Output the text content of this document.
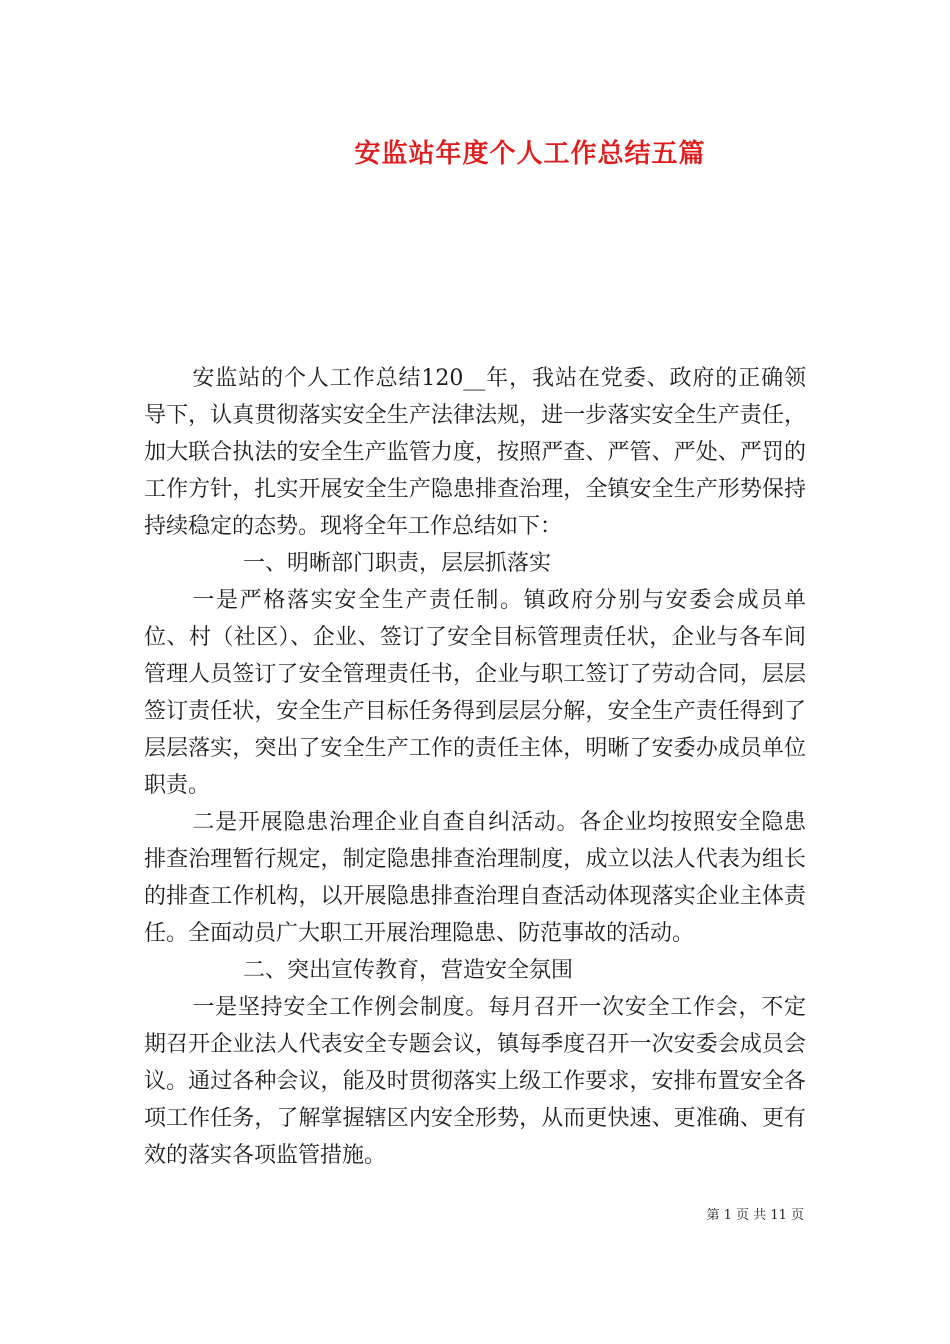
安监站年度个人工作总结五篇

安监站的个人工作总结120__年，我站在党委、政府的正确领导下，认真贯彻落实安全生产法律法规，进一步落实安全生产责任，加大联合执法的安全生产监管力度，按照严查、严管、严处、严罚的工作方针，扎实开展安全生产隐患排查治理，全镇安全生产形势保持持续稳定的态势。现将全年工作总结如下：

一、明晰部门职责，层层抓落实

一是严格落实安全生产责任制。镇政府分别与安委会成员单位、村（社区）、企业、签订了安全目标管理责任状，企业与各车间管理人员签订了安全管理责任书，企业与职工签订了劳动合同，层层签订责任状，安全生产目标任务得到层层分解，安全生产责任得到了层层落实，突出了安全生产工作的责任主体，明晰了安委办成员单位职责。

二是开展隐患治理企业自查自纠活动。各企业均按照安全隐患排查治理暂行规定，制定隐患排查治理制度，成立以法人代表为组长的排查工作机构，以开展隐患排查治理自查活动体现落实企业主体责任。全面动员广大职工开展治理隐患、防范事故的活动。

二、突出宣传教育，营造安全氛围

一是坚持安全工作例会制度。每月召开一次安全工作会，不定期召开企业法人代表安全专题会议，镇每季度召开一次安委会成员会议。通过各种会议，能及时贯彻落实上级工作要求，安排布置安全各项工作任务，了解掌握辖区内安全形势，从而更快速、更准确、更有效的落实各项监管措施。

第 1 页 共 11 页
